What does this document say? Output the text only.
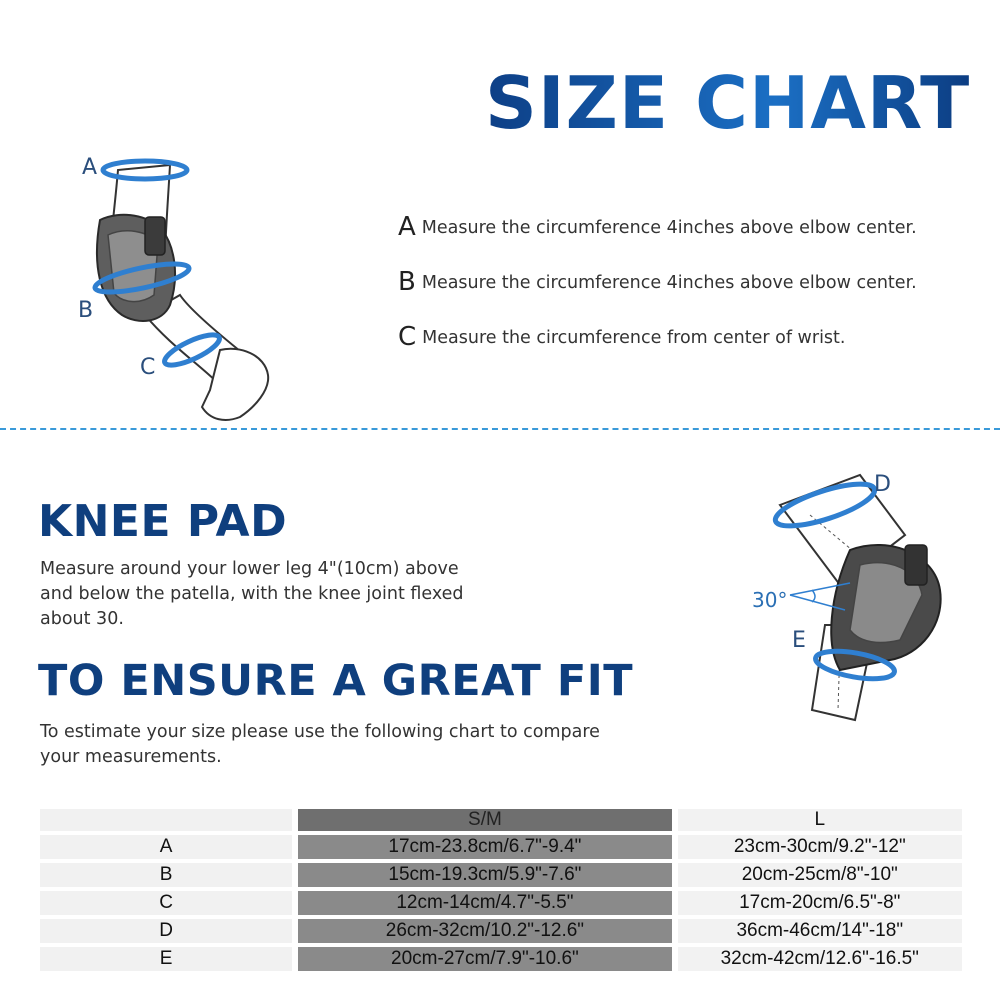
SIZE CHART
A
B
C
A Measure the circumference 4inches above elbow center.
B Measure the circumference 4inches above elbow center.
C Measure the circumference from center of wrist.
D
E
30°
KNEE PAD
Measure around your lower leg 4"(10cm) above and below the patella, with the knee joint flexed about 30.
TO ENSURE A GREAT FIT
To estimate your size please use the following chart to compare your measurements.
		S/M		L
A		17cm-23.8cm/6.7"-9.4"		23cm-30cm/9.2"-12"
B		15cm-19.3cm/5.9"-7.6"		20cm-25cm/8"-10"
C		12cm-14cm/4.7"-5.5"		17cm-20cm/6.5"-8"
D		26cm-32cm/10.2"-12.6"		36cm-46cm/14"-18"
E		20cm-27cm/7.9"-10.6"		32cm-42cm/12.6"-16.5"
